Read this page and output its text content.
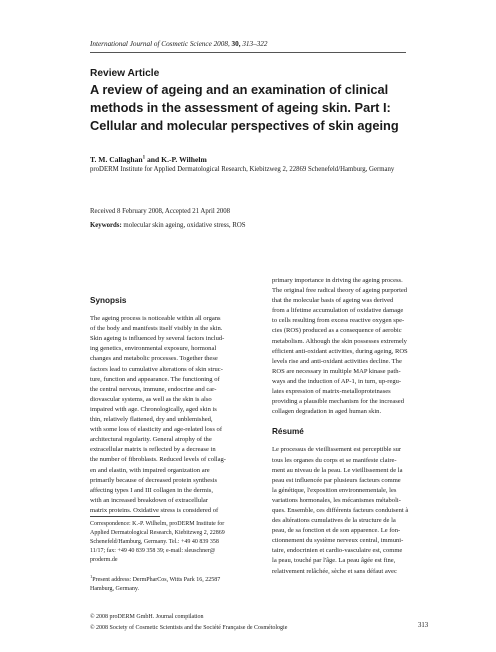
International Journal of Cosmetic Science 2008, 30, 313–322
Review Article
A review of ageing and an examination of clinical
methods in the assessment of ageing skin. Part I:
Cellular and molecular perspectives of skin ageing
T. M. Callaghan$^1$ and K.-P. Wilhelm
proDERM Institute for Applied Dermatological Research, Kiebitzweg 2, 22869 Schenefeld/Hamburg, Germany
Received 8 February 2008, Accepted 21 April 2008
Keywords: molecular skin ageing, oxidative stress, ROS
Synopsis
The ageing process is noticeable within all organs
of the body and manifests itself visibly in the skin.
Skin ageing is influenced by several factors includ-
ing genetics, environmental exposure, hormonal
changes and metabolic processes. Together these
factors lead to cumulative alterations of skin struc-
ture, function and appearance. The functioning of
the central nervous, immune, endocrine and car-
diovascular systems, as well as the skin is also
impaired with age. Chronologically, aged skin is
thin, relatively flattened, dry and unblemished,
with some loss of elasticity and age-related loss of
architectural regularity. General atrophy of the
extracellular matrix is reflected by a decrease in
the number of fibroblasts. Reduced levels of collag-
en and elastin, with impaired organization are
primarily because of decreased protein synthesis
affecting types I and III collagen in the dermis,
with an increased breakdown of extracellular
matrix proteins. Oxidative stress is considered of
primary importance in driving the ageing process.
The original free radical theory of ageing purported
that the molecular basis of ageing was derived
from a lifetime accumulation of oxidative damage
to cells resulting from excess reactive oxygen spe-
cies (ROS) produced as a consequence of aerobic
metabolism. Although the skin possesses extremely
efficient anti-oxidant activities, during ageing, ROS
levels rise and anti-oxidant activities decline. The
ROS are necessary in multiple MAP kinase path-
ways and the induction of AP-1, in turn, up-regu-
lates expression of matrix-metalloproteinases
providing a plausible mechanism for the increased
collagen degradation in aged human skin.
Résumé
Le processus de vieillissement est perceptible sur
tous les organes du corps et se manifeste claire-
ment au niveau de la peau. Le vieillissement de la
peau est influencée par plusieurs facteurs comme
la génétique, l'exposition environnementale, les
variations hormonales, les mécanismes métaboli-
ques. Ensemble, ces différents facteurs conduisent à
des altérations cumulatives de la structure de la
peau, de sa fonction et de son apparence. Le fon-
ctionnement du système nerveux central, immuni-
taire, endocrinien et cardio-vasculaire est, comme
la peau, touché par l'âge. La peau âgée est fine,
relativement relâchée, sèche et sans défaut avec
Correspondence: K.-P. Wilhelm, proDERM Institute for
Applied Dermatological Research, Kiebitzweg 2, 22869
Schenefeld/Hamburg, Germany. Tel.: +49 40 839 358
11/17; fax: +49 40 839 358 39; e-mail: sleuschner@
proderm.de
$^1$Present address: DermPharCos, Witts Park 16, 22587
Hamburg, Germany.
© 2008 proDERM GmbH. Journal compilation
© 2008 Society of Cosmetic Scientists and the Société Française de Cosmétologie	313
